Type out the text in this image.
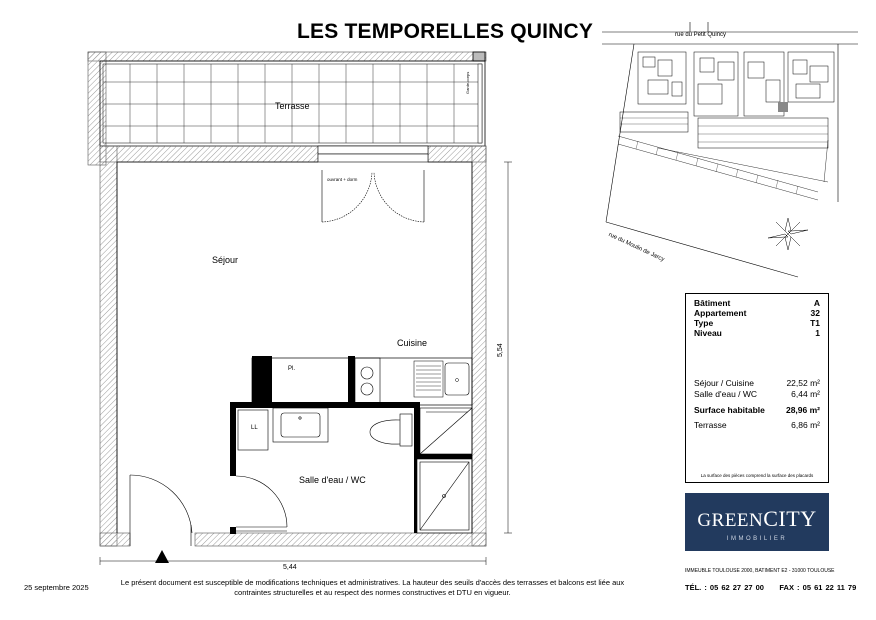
LES TEMPORELLES QUINCY
Terrasse
Garde-corps
ouvrant + dorm
Séjour
Cuisine
Pl.
LL
Salle d'eau / WC
5,44
5,54
rue du Petit Quincy
rue du Moulin de Jarcy
Bâtiment	A
Appartement	32
Type	T1
Niveau	1
Séjour / Cuisine	22,52 m²
Salle d'eau / WC	6,44 m²
Surface habitable 28,96 m²
Terrasse	6,86 m²
La surface des pièces comprend la surface des placards
GREENCITY
IMMOBILIER
IMMEUBLE TOULOUSE 2000, BATIMENT E2 - 31000 TOULOUSE
TÉL. : 05 62 27 27 00 FAX : 05 61 22 11 79
25 septembre 2025
Le présent document est susceptible de modifications techniques et administratives. La hauteur des seuils d'accès des terrasses et balcons est liée aux contraintes structurelles et au respect des normes constructives et DTU en vigueur.
